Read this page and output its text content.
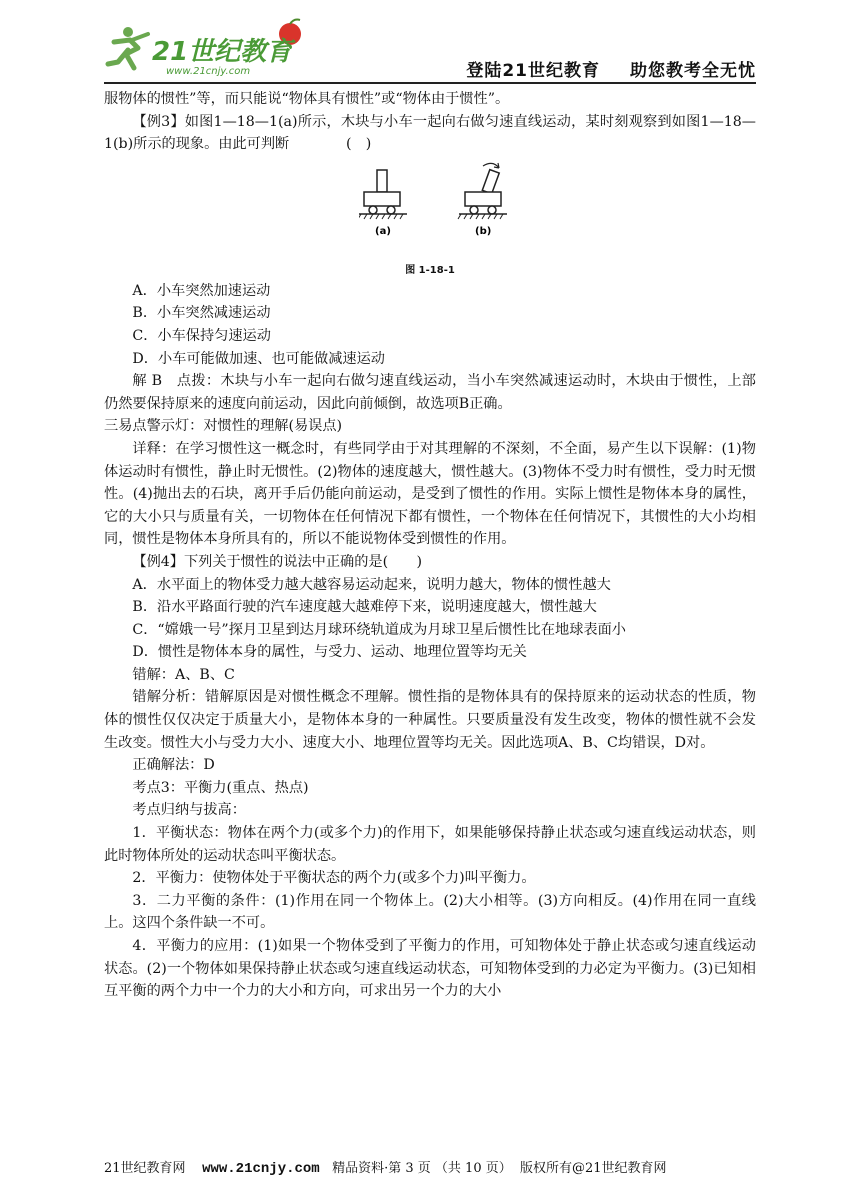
21世纪教育
www.21cnjy.com	登陆21世纪教育 助您教考全无忧

服物体的惯性”等，而只能说“物体具有惯性”或“物体由于惯性”。

【例3】如图1—18—1(a)所示，木块与小车一起向右做匀速直线运动，某时刻观察到如图1—18—1(b)所示的现象。由此可判断　　　　(　)

(a)	(b)
图 1-18-1

A．小车突然加速运动

B．小车突然减速运动

C．小车保持匀速运动

D．小车可能做加速、也可能做减速运动

解 B　点拨：木块与小车一起向右做匀速直线运动，当小车突然减速运动时，木块由于惯性，上部仍然要保持原来的速度向前运动，因此向前倾倒，故选项B正确。

三易点警示灯：对惯性的理解(易误点)

详释：在学习惯性这一概念时，有些同学由于对其理解的不深刻，不全面，易产生以下误解：(1)物体运动时有惯性，静止时无惯性。(2)物体的速度越大，惯性越大。(3)物体不受力时有惯性，受力时无惯性。(4)抛出去的石块，离开手后仍能向前运动，是受到了惯性的作用。实际上惯性是物体本身的属性，它的大小只与质量有关，一切物体在任何情况下都有惯性，一个物体在任何情况下，其惯性的大小均相同，惯性是物体本身所具有的，所以不能说物体受到惯性的作用。

【例4】下列关于惯性的说法中正确的是(　　)

A．水平面上的物体受力越大越容易运动起来，说明力越大，物体的惯性越大

B．沿水平路面行驶的汽车速度越大越难停下来，说明速度越大，惯性越大

C．“嫦娥一号”探月卫星到达月球环绕轨道成为月球卫星后惯性比在地球表面小

D．惯性是物体本身的属性，与受力、运动、地理位置等均无关

错解：A、B、C

错解分析：错解原因是对惯性概念不理解。惯性指的是物体具有的保持原来的运动状态的性质，物体的惯性仅仅决定于质量大小，是物体本身的一种属性。只要质量没有发生改变，物体的惯性就不会发生改变。惯性大小与受力大小、速度大小、地理位置等均无关。因此选项A、B、C均错误，D对。

正确解法：D

考点3：平衡力(重点、热点)

考点归纳与拔高：

1．平衡状态：物体在两个力(或多个力)的作用下，如果能够保持静止状态或匀速直线运动状态，则此时物体所处的运动状态叫平衡状态。

2．平衡力：使物体处于平衡状态的两个力(或多个力)叫平衡力。

3．二力平衡的条件：(1)作用在同一个物体上。(2)大小相等。(3)方向相反。(4)作用在同一直线上。这四个条件缺一不可。

4．平衡力的应用：(1)如果一个物体受到了平衡力的作用，可知物体处于静止状态或匀速直线运动状态。(2)一个物体如果保持静止状态或匀速直线运动状态，可知物体受到的力必定为平衡力。(3)已知相互平衡的两个力中一个力的大小和方向，可求出另一个力的大小

21世纪教育网 www.21cnjy.com 精品资料·第 3 页 （共 10 页） 版权所有@21世纪教育网
